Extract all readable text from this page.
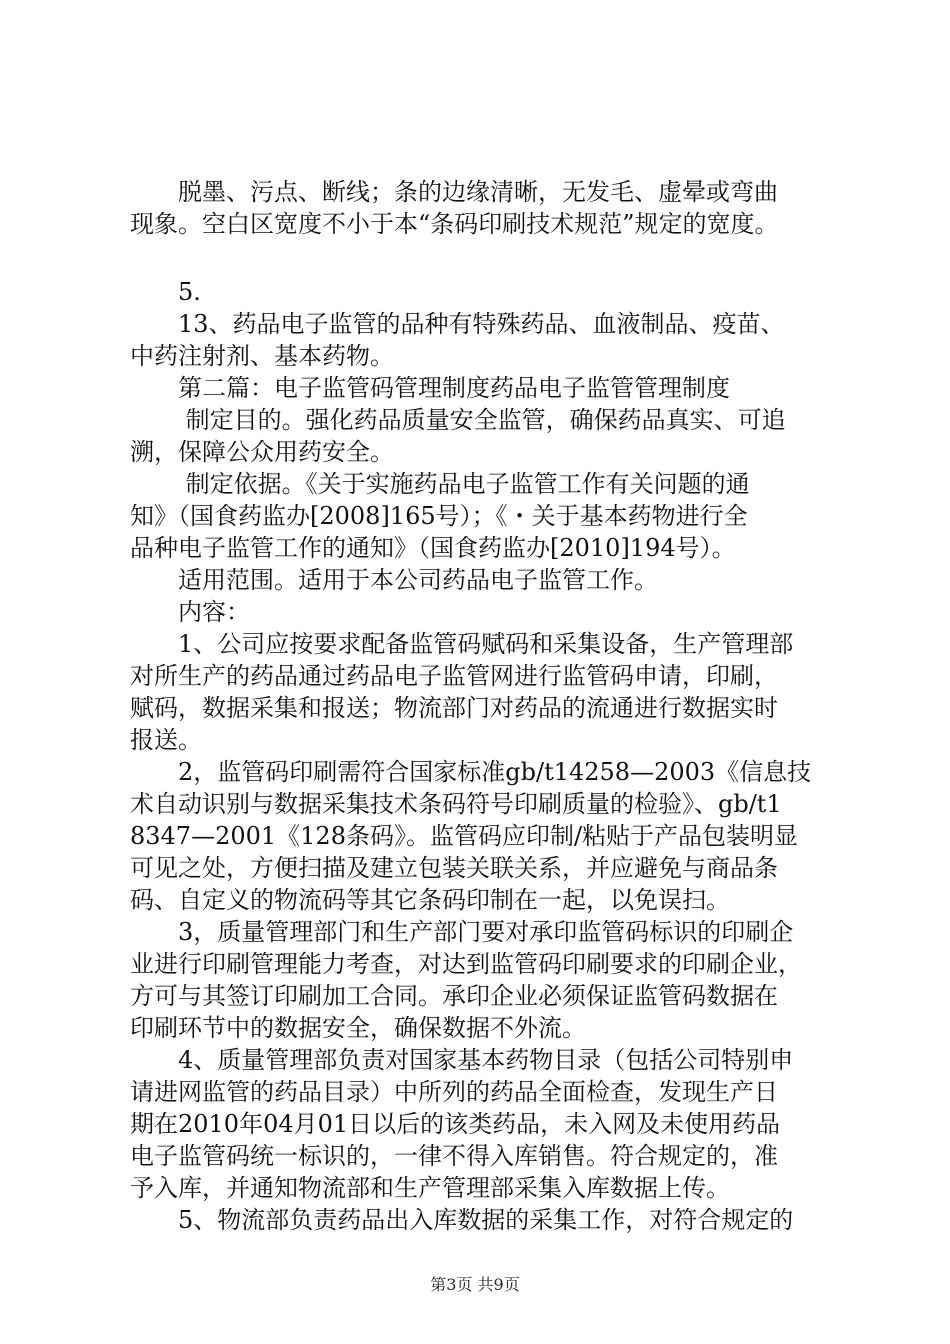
　　脱墨、污点、断线；条的边缘清晰，无发毛、虚晕或弯曲
现象。空白区宽度不小于本“条码印刷技术规范”规定的宽度。
　　5.
　　13、药品电子监管的品种有特殊药品、血液制品、疫苗、
中药注射剂、基本药物。
　　第二篇：电子监管码管理制度药品电子监管管理制度
　　 制定目的。强化药品质量安全监管，确保药品真实、可追
溯，保障公众用药安全。
　　 制定依据。《关于实施药品电子监管工作有关问题的通
知》（国食药监办[2008]165号）；《・关于基本药物进行全
品种电子监管工作的通知》（国食药监办[2010]194号）。
　　适用范围。适用于本公司药品电子监管工作。
　　内容：
　　1、公司应按要求配备监管码赋码和采集设备，生产管理部
对所生产的药品通过药品电子监管网进行监管码申请，印刷，
赋码，数据采集和报送；物流部门对药品的流通进行数据实时
报送。
　　2，监管码印刷需符合国家标准gb/t14258—2003《信息技
术自动识别与数据采集技术条码符号印刷质量的检验》、gb/t1
8347—2001《128条码》。监管码应印制/粘贴于产品包装明显
可见之处，方便扫描及建立包装关联关系，并应避免与商品条
码、自定义的物流码等其它条码印制在一起，以免误扫。
　　3，质量管理部门和生产部门要对承印监管码标识的印刷企
业进行印刷管理能力考查，对达到监管码印刷要求的印刷企业，
方可与其签订印刷加工合同。承印企业必须保证监管码数据在
印刷环节中的数据安全，确保数据不外流。
　　4、质量管理部负责对国家基本药物目录（包括公司特别申
请进网监管的药品目录）中所列的药品全面检查，发现生产日
期在2010年04月01日以后的该类药品，未入网及未使用药品
电子监管码统一标识的，一律不得入库销售。符合规定的，准
予入库，并通知物流部和生产管理部采集入库数据上传。
　　5、物流部负责药品出入库数据的采集工作，对符合规定的
第3页 共9页
